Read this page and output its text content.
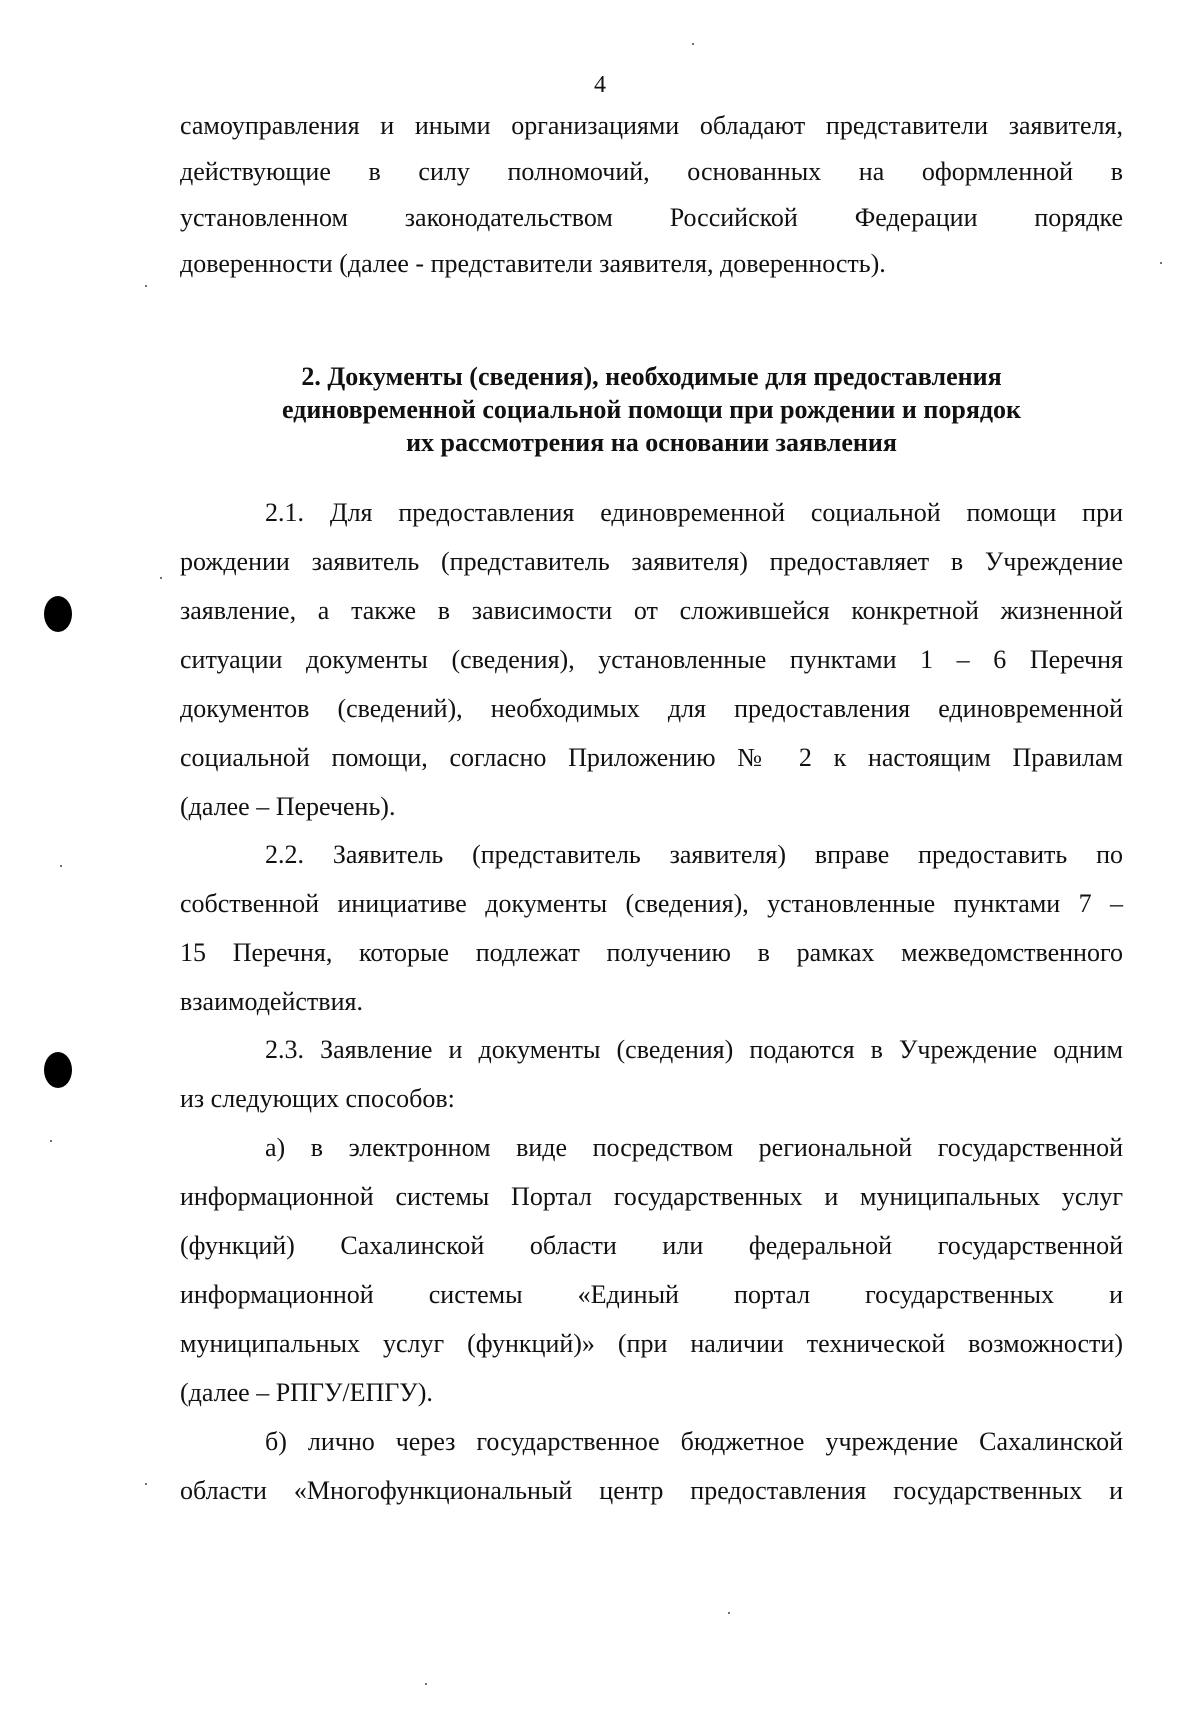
4
самоуправления и иными организациями обладают представители заявителя,
действующие в силу полномочий, основанных на оформленной в
установленном законодательством Российской Федерации порядке
доверенности (далее - представители заявителя, доверенность).
2. Документы (сведения), необходимые для предоставления
единовременной социальной помощи при рождении и порядок
их рассмотрения на основании заявления
2.1. Для предоставления единовременной социальной помощи при
рождении заявитель (представитель заявителя) предоставляет в Учреждение
заявление, а также в зависимости от сложившейся конкретной жизненной
ситуации документы (сведения), установленные пунктами 1 – 6 Перечня
документов (сведений), необходимых для предоставления единовременной
социальной помощи, согласно Приложению № 2 к настоящим Правилам
(далее – Перечень).
2.2. Заявитель (представитель заявителя) вправе предоставить по
собственной инициативе документы (сведения), установленные пунктами 7 –
15 Перечня, которые подлежат получению в рамках межведомственного
взаимодействия.
2.3. Заявление и документы (сведения) подаются в Учреждение одним
из следующих способов:
а) в электронном виде посредством региональной государственной
информационной системы Портал государственных и муниципальных услуг
(функций) Сахалинской области или федеральной государственной
информационной системы «Единый портал государственных и
муниципальных услуг (функций)» (при наличии технической возможности)
(далее – РПГУ/ЕПГУ).
б) лично через государственное бюджетное учреждение Сахалинской
области «Многофункциональный центр предоставления государственных и
